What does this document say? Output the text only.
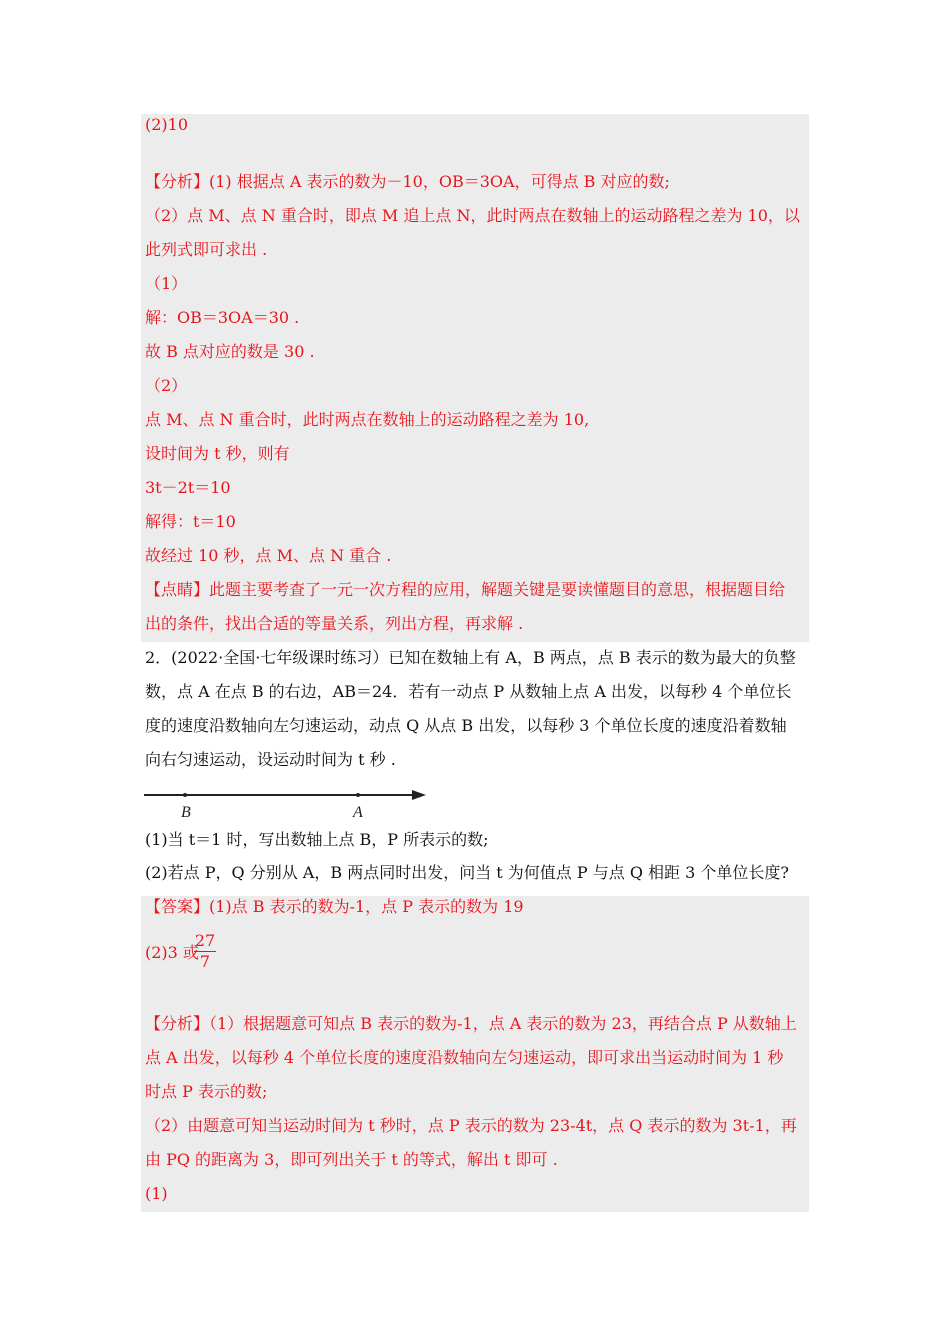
(2)10
【分析】(1) 根据点 A 表示的数为－10，OB＝3OA，可得点 B 对应的数;
（2）点 M、点 N 重合时，即点 M 追上点 N，此时两点在数轴上的运动路程之差为 10，以
此列式即可求出 .
（1）
解：OB＝3OA＝30 .
故 B 点对应的数是 30 .
（2）
点 M、点 N 重合时，此时两点在数轴上的运动路程之差为 10,
设时间为 t 秒，则有
3t－2t＝10
解得：t＝10
故经过 10 秒，点 M、点 N 重合 .
【点睛】此题主要考查了一元一次方程的应用，解题关键是要读懂题目的意思，根据题目给
出的条件，找出合适的等量关系，列出方程，再求解 .
2．(2022·全国·七年级课时练习）已知在数轴上有 A，B 两点，点 B 表示的数为最大的负整
数，点 A 在点 B 的右边，AB＝24．若有一动点 P 从数轴上点 A 出发，以每秒 4 个单位长
度的速度沿数轴向左匀速运动，动点 Q 从点 B 出发，以每秒 3 个单位长度的速度沿着数轴
向右匀速运动，设运动时间为 t 秒 .
B	A
(1)当 t＝1 时，写出数轴上点 B，P 所表示的数;
(2)若点 P，Q 分别从 A，B 两点同时出发，问当 t 为何值点 P 与点 Q 相距 3 个单位长度?
【答案】(1)点 B 表示的数为-1，点 P 表示的数为 19
(2)3 或
27
7
【分析】（1）根据题意可知点 B 表示的数为-1，点 A 表示的数为 23，再结合点 P 从数轴上
点 A 出发，以每秒 4 个单位长度的速度沿数轴向左匀速运动，即可求出当运动时间为 1 秒
时点 P 表示的数;
（2）由题意可知当运动时间为 t 秒时，点 P 表示的数为 23-4t，点 Q 表示的数为 3t-1，再
由 PQ 的距离为 3，即可列出关于 t 的等式，解出 t 即可 .
(1)
